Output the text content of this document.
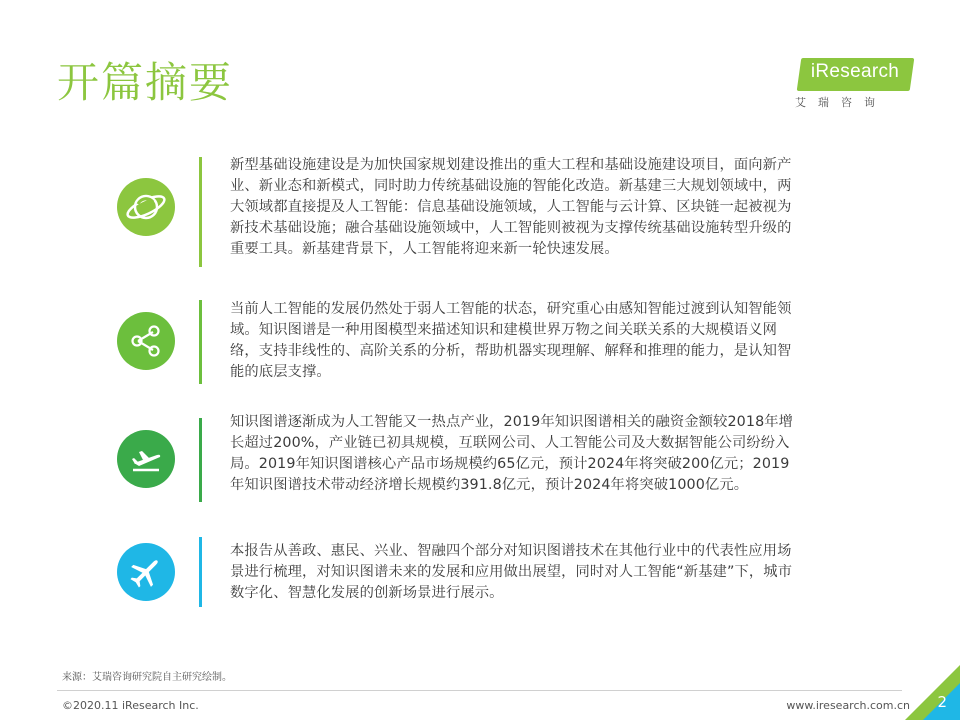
开篇摘要	iResearch
艾瑞咨询

新型基础设施建设是为加快国家规划建设推出的重大工程和基础设施建设项目，面向新产业、新业态和新模式，同时助力传统基础设施的智能化改造。新基建三大规划领域中，两大领域都直接提及人工智能：信息基础设施领域，人工智能与云计算、区块链一起被视为新技术基础设施；融合基础设施领域中，人工智能则被视为支撑传统基础设施转型升级的重要工具。新基建背景下，人工智能将迎来新一轮快速发展。

当前人工智能的发展仍然处于弱人工智能的状态，研究重心由感知智能过渡到认知智能领域。知识图谱是一种用图模型来描述知识和建模世界万物之间关联关系的大规模语义网络，支持非线性的、高阶关系的分析，帮助机器实现理解、解释和推理的能力，是认知智能的底层支撑。

知识图谱逐渐成为人工智能又一热点产业，2019年知识图谱相关的融资金额较2018年增长超过200%，产业链已初具规模，互联网公司、人工智能公司及大数据智能公司纷纷入局。2019年知识图谱核心产品市场规模约65亿元，预计2024年将突破200亿元；2019年知识图谱技术带动经济增长规模约391.8亿元，预计2024年将突破1000亿元。

本报告从善政、惠民、兴业、智融四个部分对知识图谱技术在其他行业中的代表性应用场景进行梳理，对知识图谱未来的发展和应用做出展望，同时对人工智能“新基建”下，城市数字化、智慧化发展的创新场景进行展示。

来源：艾瑞咨询研究院自主研究绘制。
©2020.11 iResearch Inc.	www.iresearch.com.cn 2
